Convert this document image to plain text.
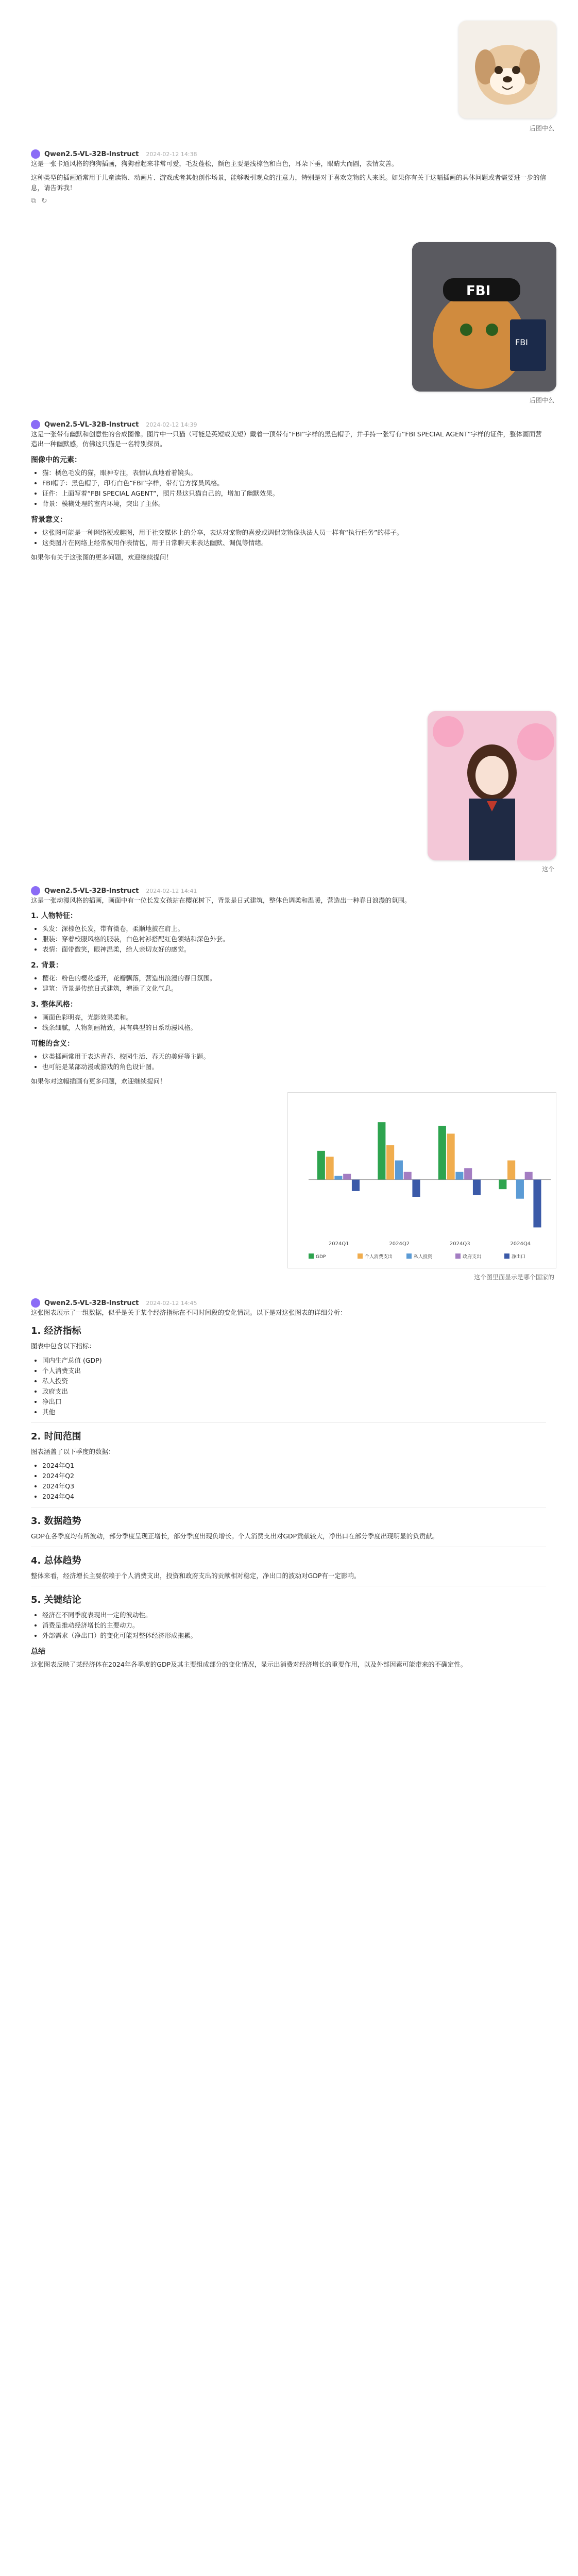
后图中么
Qwen2.5-VL-32B-Instruct 2024-02-12 14:38

这是一张卡通风格的狗狗插画，狗狗看起来非常可爱，毛发蓬松，颜色主要是浅棕色和白色，耳朵下垂，眼睛大而圆，表情友善。

这种类型的插画通常用于儿童读物、动画片、游戏或者其他创作场景，能够吸引观众的注意力，特别是对于喜欢宠物的人来说。如果你有关于这幅插画的具体问题或者需要进一步的信息，请告诉我！

⧉ ↻
FBI
FBI
后图中么
Qwen2.5-VL-32B-Instruct 2024-02-12 14:39

这是一张带有幽默和创意性的合成图像。图片中一只猫（可能是英短或美短）戴着一顶带有“FBI”字样的黑色帽子，并手持一张写有“FBI SPECIAL AGENT”字样的证件，整体画面营造出一种幽默感，仿佛这只猫是一名特别探员。

图像中的元素：
• 猫：橘色毛发的猫，眼神专注，表情认真地看着镜头。
• FBI帽子：黑色帽子，印有白色“FBI”字样，带有官方探员风格。
• 证件：上面写着“FBI SPECIAL AGENT”，照片是这只猫自己的，增加了幽默效果。
• 背景：模糊处理的室内环境，突出了主体。
背景意义：
• 这张图可能是一种网络梗或趣图，用于社交媒体上的分享，表达对宠物的喜爱或调侃宠物像执法人员一样有“执行任务”的样子。
• 这类图片在网络上经常被用作表情包，用于日常聊天来表达幽默、调侃等情绪。

如果你有关于这张图的更多问题，欢迎继续提问！

这个
Qwen2.5-VL-32B-Instruct 2024-02-12 14:41

这是一张动漫风格的插画，画面中有一位长发女孩站在樱花树下，背景是日式建筑，整体色调柔和温暖，营造出一种春日浪漫的氛围。

1. 人物特征：
• 头发：深棕色长发，带有微卷，柔顺地披在肩上。
• 服装：穿着校服风格的服装，白色衬衫搭配红色领结和深色外套。
• 表情：面带微笑，眼神温柔，给人亲切友好的感觉。
2. 背景：
• 樱花：粉色的樱花盛开，花瓣飘落，营造出浪漫的春日氛围。
• 建筑：背景是传统日式建筑，增添了文化气息。
3. 整体风格：
• 画面色彩明亮，光影效果柔和。
• 线条细腻，人物刻画精致，具有典型的日系动漫风格。
可能的含义：
• 这类插画常用于表达青春、校园生活、春天的美好等主题。
• 也可能是某部动漫或游戏的角色设计图。

如果你对这幅插画有更多问题，欢迎继续提问！

2024Q1	2024Q2	2024Q3	2024Q4
GDP	个人消费支出	私人投资	政府支出	净出口
这个图里面显示是哪个国家的
Qwen2.5-VL-32B-Instruct 2024-02-12 14:45

这张图表展示了一组数据，似乎是关于某个经济指标在不同时间段的变化情况。以下是对这张图表的详细分析：

1. 经济指标

图表中包含以下指标：

• 国内生产总值 (GDP)
• 个人消费支出
• 私人投资
• 政府支出
• 净出口
• 其他
2. 时间范围

图表涵盖了以下季度的数据：

• 2024年Q1
• 2024年Q2
• 2024年Q3
• 2024年Q4
3. 数据趋势

GDP在各季度均有所波动，部分季度呈现正增长，部分季度出现负增长。个人消费支出对GDP贡献较大，净出口在部分季度出现明显的负贡献。

4. 总体趋势

整体来看，经济增长主要依赖于个人消费支出，投资和政府支出的贡献相对稳定，净出口的波动对GDP有一定影响。

5. 关键结论
• 经济在不同季度表现出一定的波动性。
• 消费是推动经济增长的主要动力。
• 外部需求（净出口）的变化可能对整体经济形成拖累。
总结

这张图表反映了某经济体在2024年各季度的GDP及其主要组成部分的变化情况，显示出消费对经济增长的重要作用，以及外部因素可能带来的不确定性。
